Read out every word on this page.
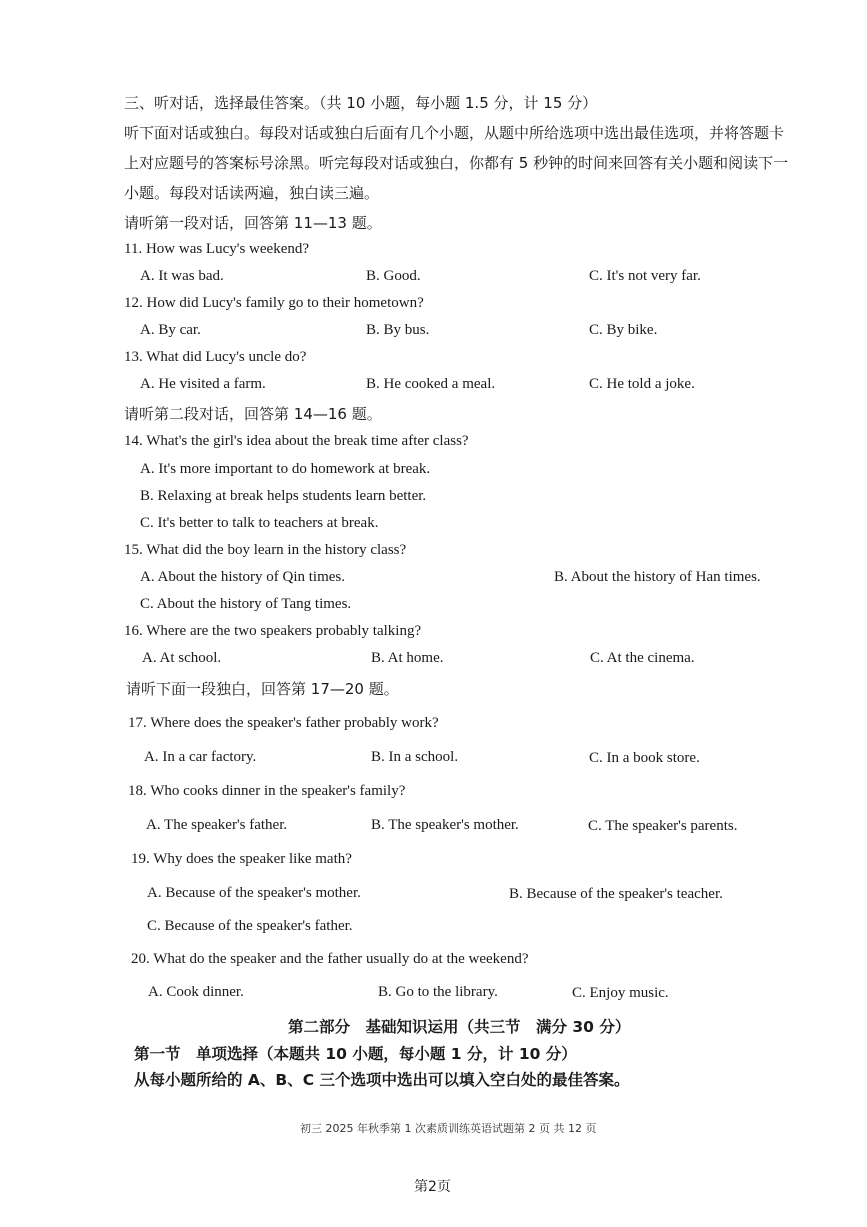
三、听对话，选择最佳答案。（共 10 小题，每小题 1.5 分，计 15 分）
听下面对话或独白。每段对话或独白后面有几个小题，从题中所给选项中选出最佳选项，并将答题卡
上对应题号的答案标号涂黑。听完每段对话或独白，你都有 5 秒钟的时间来回答有关小题和阅读下一
小题。每段对话读两遍，独白读三遍。
请听第一段对话，回答第 11—13 题。
11. How was Lucy's weekend?
A. It was bad.	B. Good.	C. It's not very far.
12. How did Lucy's family go to their hometown?
A. By car.	B. By bus.	C. By bike.
13. What did Lucy's uncle do?
A. He visited a farm.	B. He cooked a meal.	C. He told a joke.
请听第二段对话，回答第 14—16 题。
14. What's the girl's idea about the break time after class?
A. It's more important to do homework at break.
B. Relaxing at break helps students learn better.
C. It's better to talk to teachers at break.
15. What did the boy learn in the history class?
A. About the history of Qin times.	B. About the history of Han times.
C. About the history of Tang times.
16. Where are the two speakers probably talking?
A. At school.	B. At home.	C. At the cinema.
请听下面一段独白，回答第 17—20 题。
17. Where does the speaker's father probably work?
A. In a car factory.	B. In a school.	C. In a book store.
18. Who cooks dinner in the speaker's family?
A. The speaker's father.	B. The speaker's mother.	C. The speaker's parents.
19. Why does the speaker like math?
A. Because of the speaker's mother.	B. Because of the speaker's teacher.
C. Because of the speaker's father.
20. What do the speaker and the father usually do at the weekend?
A. Cook dinner.	B. Go to the library.	C. Enjoy music.
第二部分　基础知识运用（共三节　满分 30 分）
第一节　单项选择（本题共 10 小题，每小题 1 分，计 10 分）
从每小题所给的 A、B、C 三个选项中选出可以填入空白处的最佳答案。
初三 2025 年秋季第 1 次素质训练英语试题第 2 页 共 12 页
第2页
